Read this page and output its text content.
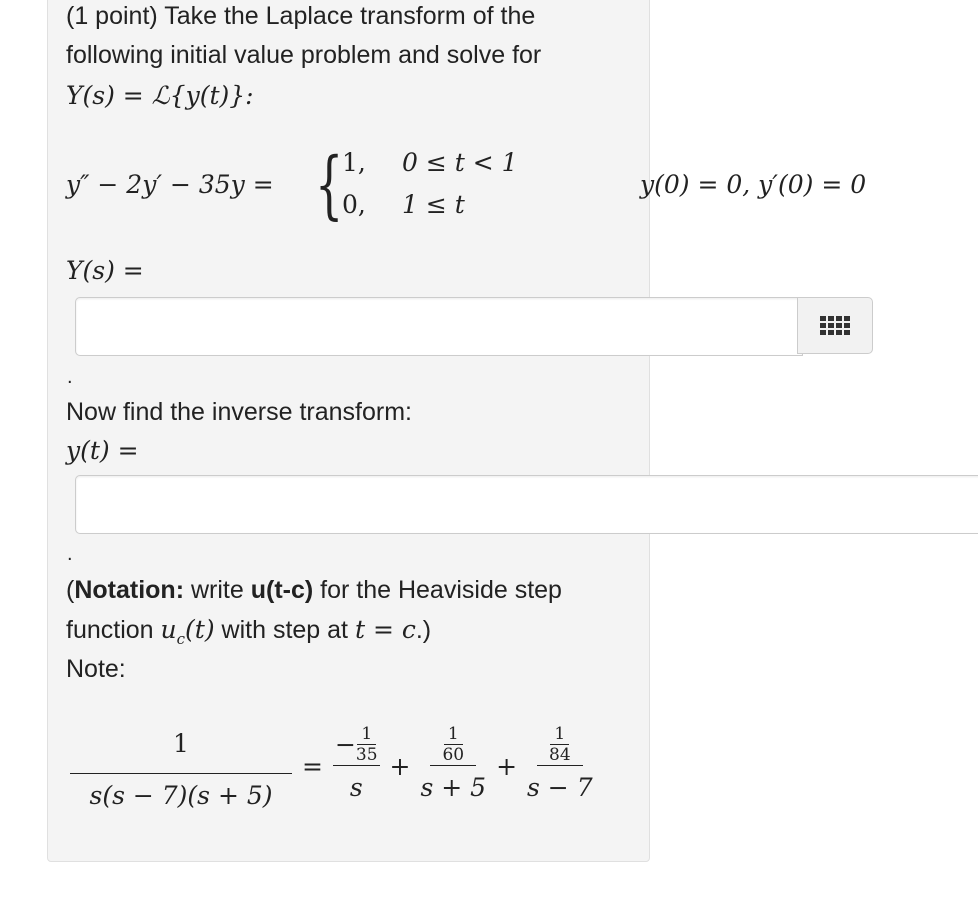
(1 point) Take the Laplace transform of the
following initial value problem and solve for
Y(s) = ℒ{y(t)}:
y″ − 2y′ − 35y = {
1, 0 ≤ t < 1
0, 1 ≤ t
y(0) = 0, y′(0) = 0
Y(s) =
.
Now find the inverse transform:
y(t) =
.
(Notation: write u(t-c) for the Heaviside step
function $u_c(t)$ with step at t = c.)
Note:
$\frac{1}{s(s - 7)(s + 5)} = \frac{- \frac{1}{35}}{s} + \frac{\frac{1}{60}}{s + 5} + \frac{\frac{1}{84}}{s - 7}$
